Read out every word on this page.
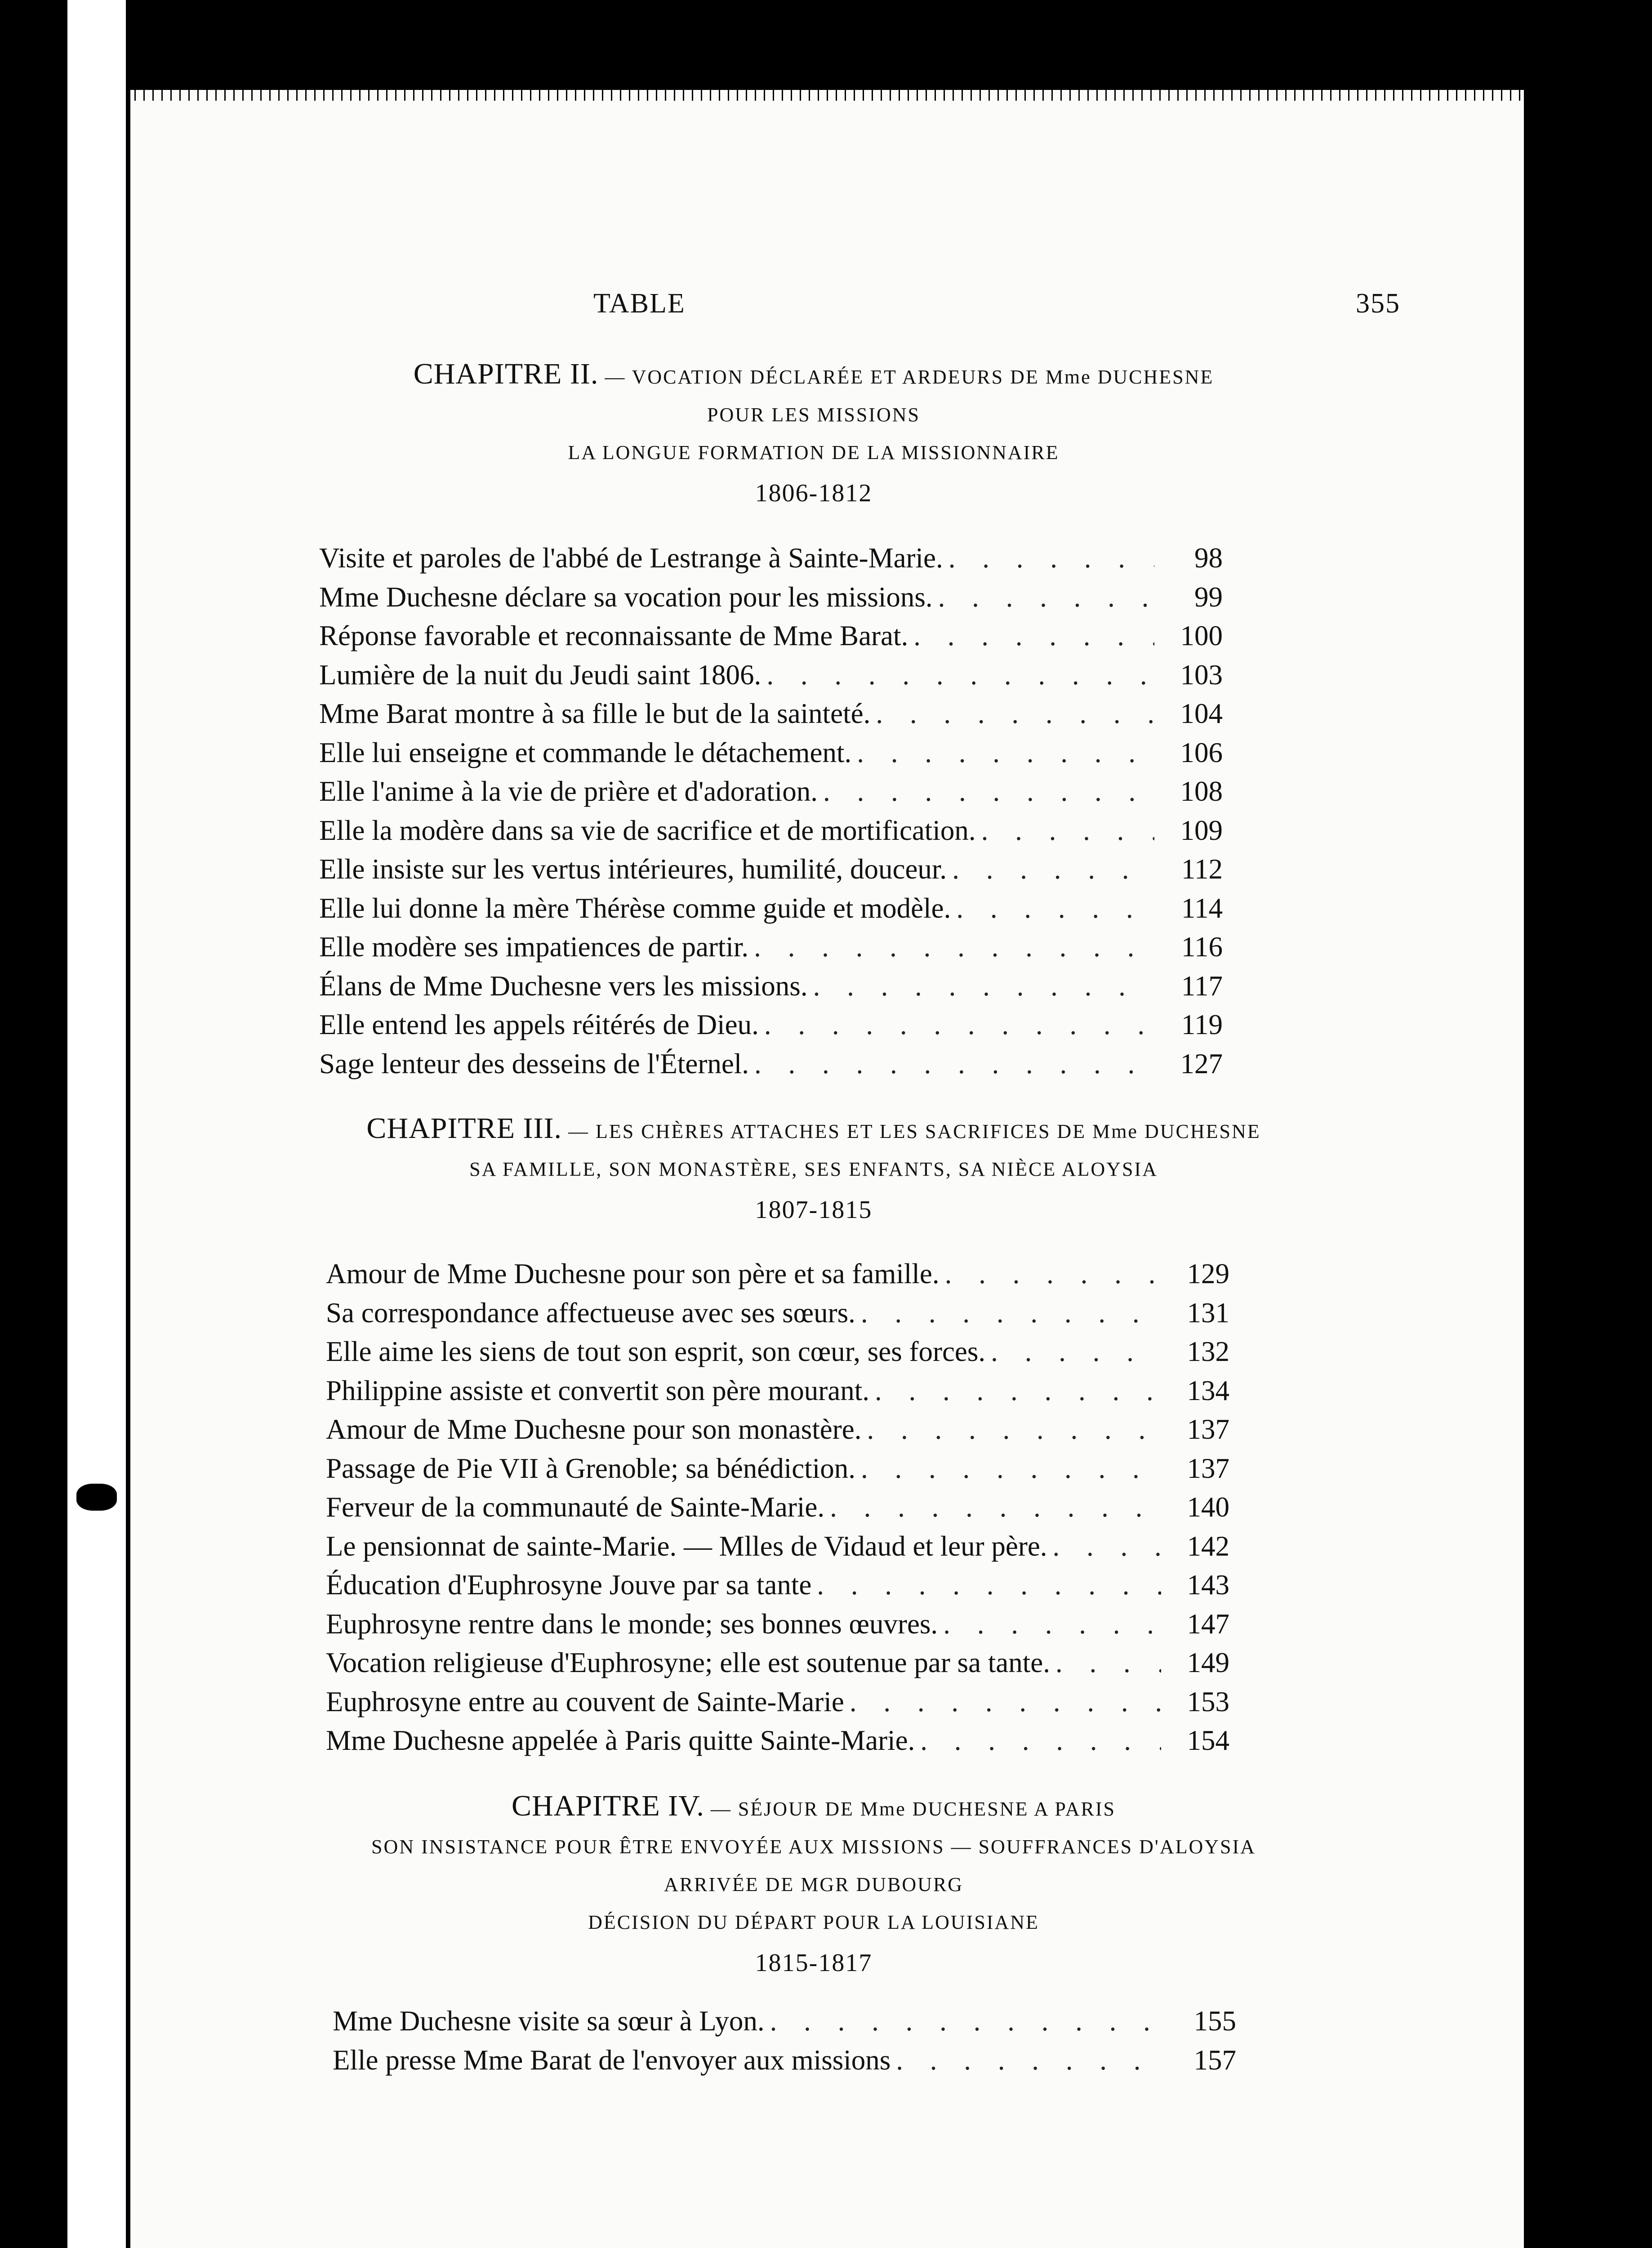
TABLE	355
CHAPITRE II. — VOCATION DÉCLARÉE ET ARDEURS DE Mme DUCHESNE
POUR LES MISSIONS
LA LONGUE FORMATION DE LA MISSIONNAIRE
1806-1812
Visite et paroles de l'abbé de Lestrange à Sainte-Marie. . . .	98
Mme Duchesne déclare sa vocation pour les missions. . . .	99
Réponse favorable et reconnaissante de Mme Barat. . . .	100
Lumière de la nuit du Jeudi saint 1806. . . .	103
Mme Barat montre à sa fille le but de la sainteté. . . .	104
Elle lui enseigne et commande le détachement. . . .	106
Elle l'anime à la vie de prière et d'adoration. . . .	108
Elle la modère dans sa vie de sacrifice et de mortification. . . .	109
Elle insiste sur les vertus intérieures, humilité, douceur. . . .	112
Elle lui donne la mère Thérèse comme guide et modèle. . . .	114
Elle modère ses impatiences de partir. . . .	116
Élans de Mme Duchesne vers les missions. . . .	117
Elle entend les appels réitérés de Dieu. . . .	119
Sage lenteur des desseins de l'Éternel. . . .	127
CHAPITRE III. — LES CHÈRES ATTACHES ET LES SACRIFICES DE Mme DUCHESNE
SA FAMILLE, SON MONASTÈRE, SES ENFANTS, SA NIÈCE ALOYSIA
1807-1815
Amour de Mme Duchesne pour son père et sa famille. . . .	129
Sa correspondance affectueuse avec ses sœurs. . . .	131
Elle aime les siens de tout son esprit, son cœur, ses forces. . . .	132
Philippine assiste et convertit son père mourant. . . .	134
Amour de Mme Duchesne pour son monastère. . . .	137
Passage de Pie VII à Grenoble; sa bénédiction. . . .	137
Ferveur de la communauté de Sainte-Marie. . . .	140
Le pensionnat de sainte-Marie. — Mlles de Vidaud et leur père. . . .	142
Éducation d'Euphrosyne Jouve par sa tante . . .	143
Euphrosyne rentre dans le monde; ses bonnes œuvres. . . .	147
Vocation religieuse d'Euphrosyne; elle est soutenue par sa tante. . . .	149
Euphrosyne entre au couvent de Sainte-Marie . . .	153
Mme Duchesne appelée à Paris quitte Sainte-Marie. . . .	154
CHAPITRE IV. — SÉJOUR DE Mme DUCHESNE A PARIS
SON INSISTANCE POUR ÊTRE ENVOYÉE AUX MISSIONS — SOUFFRANCES D'ALOYSIA
ARRIVÉE DE MGR DUBOURG
DÉCISION DU DÉPART POUR LA LOUISIANE
1815-1817
Mme Duchesne visite sa sœur à Lyon. . . .	155
Elle presse Mme Barat de l'envoyer aux missions . . .	157
